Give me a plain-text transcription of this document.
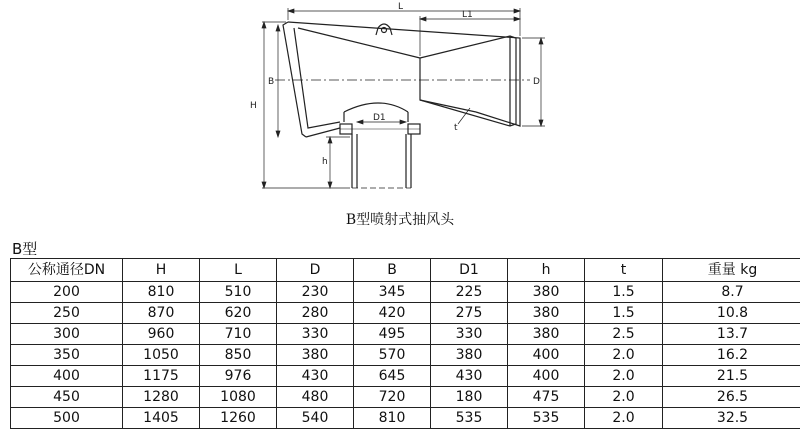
L
L1
H
B	D
D1
h
t
B型喷射式抽风头
B型
公称通径DN	H	L	D	B	D1	h	t	重量 kg
200	810	510	230	345	225	380	1.5	8.7
250	870	620	280	420	275	380	1.5	10.8
300	960	710	330	495	330	380	2.5	13.7
350	1050	850	380	570	380	400	2.0	16.2
400	1175	976	430	645	430	400	2.0	21.5
450	1280	1080	480	720	180	475	2.0	26.5
500	1405	1260	540	810	535	535	2.0	32.5
